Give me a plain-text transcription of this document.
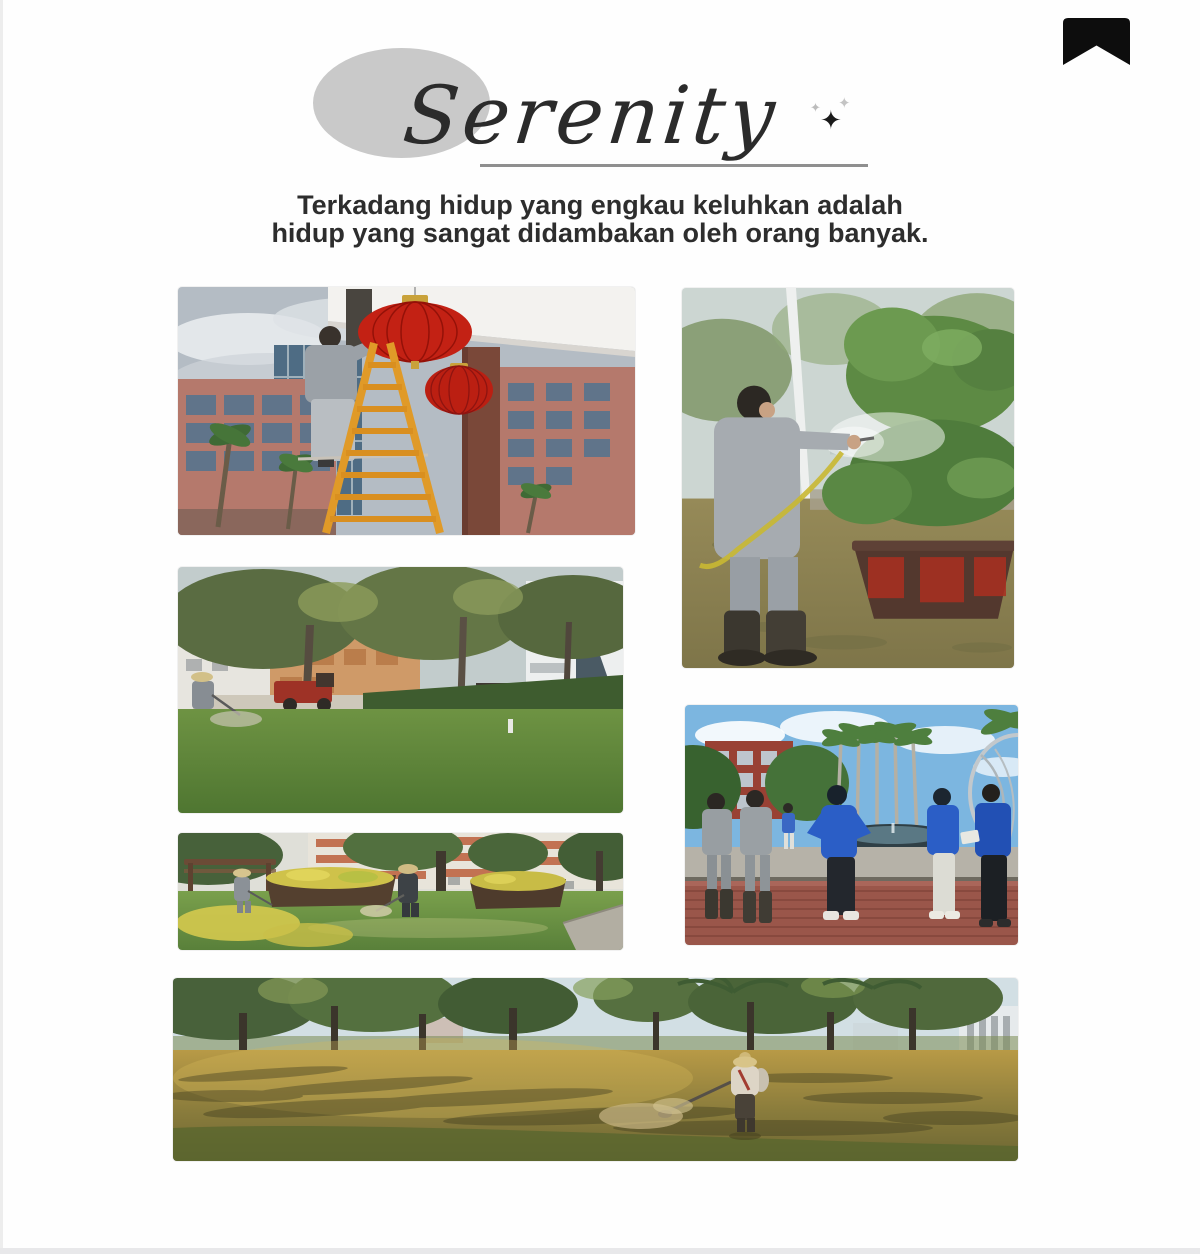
Serenity ✦
✦ ✦
Terkadang hidup yang engkau keluhkan adalah
hidup yang sangat didambakan oleh orang banyak.
